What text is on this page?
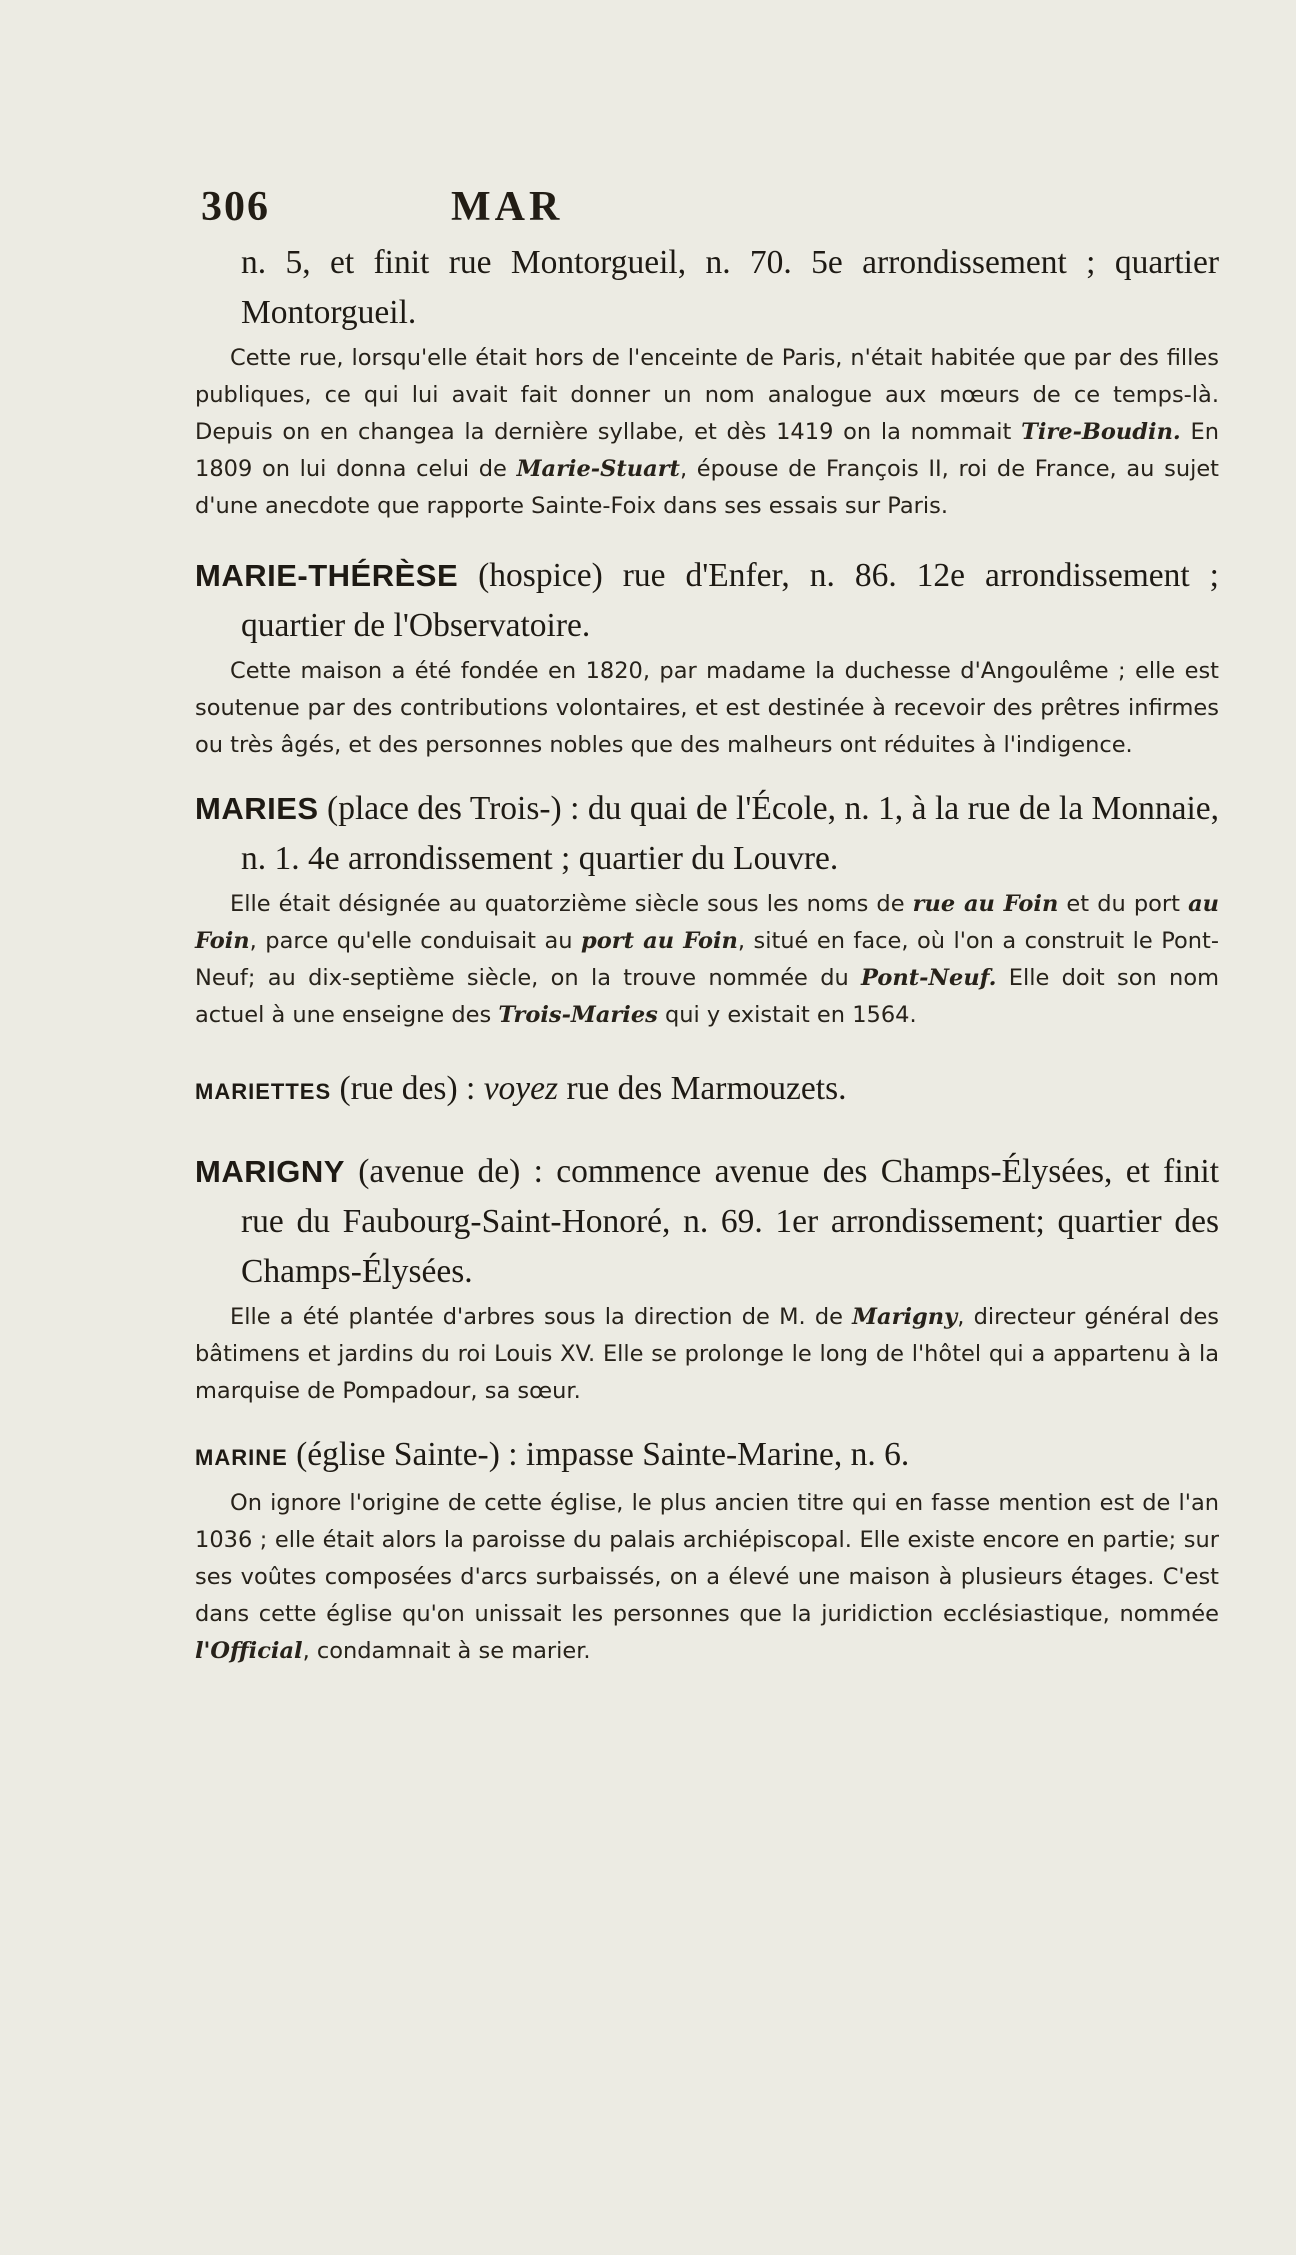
306	MAR

n. 5, et finit rue Montorgueil, n. 70. 5e arrondissement ; quartier Montorgueil.

Cette rue, lorsqu'elle était hors de l'enceinte de Paris, n'était habitée que par des filles publiques, ce qui lui avait fait donner un nom analogue aux mœurs de ce temps-là. Depuis on en changea la dernière syllabe, et dès 1419 on la nommait Tire-Boudin. En 1809 on lui donna celui de Marie-Stuart, épouse de François II, roi de France, au sujet d'une anecdote que rapporte Sainte-Foix dans ses essais sur Paris.

MARIE-THÉRÈSE (hospice) rue d'Enfer, n. 86. 12e arrondissement ; quartier de l'Observatoire.

Cette maison a été fondée en 1820, par madame la duchesse d'Angoulême ; elle est soutenue par des contributions volontaires, et est destinée à recevoir des prêtres infirmes ou très âgés, et des personnes nobles que des malheurs ont réduites à l'indigence.

MARIES (place des Trois-) : du quai de l'École, n. 1, à la rue de la Monnaie, n. 1. 4e arrondissement ; quartier du Louvre.

Elle était désignée au quatorzième siècle sous les noms de rue au Foin et du port au Foin, parce qu'elle conduisait au port au Foin, situé en face, où l'on a construit le Pont-Neuf; au dix-septième siècle, on la trouve nommée du Pont-Neuf. Elle doit son nom actuel à une enseigne des Trois-Maries qui y existait en 1564.

MARIETTES (rue des) : voyez rue des Marmouzets.

MARIGNY (avenue de) : commence avenue des Champs-Élysées, et finit rue du Faubourg-Saint-Honoré, n. 69. 1er arrondissement; quartier des Champs-Élysées.

Elle a été plantée d'arbres sous la direction de M. de Marigny, directeur général des bâtimens et jardins du roi Louis XV. Elle se prolonge le long de l'hôtel qui a appartenu à la marquise de Pompadour, sa sœur.

MARINE (église Sainte-) : impasse Sainte-Marine, n. 6.

On ignore l'origine de cette église, le plus ancien titre qui en fasse mention est de l'an 1036 ; elle était alors la paroisse du palais archiépiscopal. Elle existe encore en partie; sur ses voûtes composées d'arcs surbaissés, on a élevé une maison à plusieurs étages. C'est dans cette église qu'on unissait les personnes que la juridiction ecclésiastique, nommée l'Official, condamnait à se marier.
